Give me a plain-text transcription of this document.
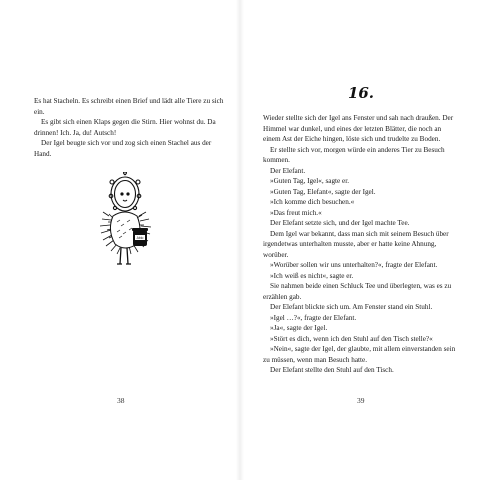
Es hat Stacheln. Es schreibt einen Brief und lädt alle Tiere zu sich ein.

Es gibt sich einen Klaps gegen die Stirn. Hier wohnst du. Da drinnen! Ich. Ja, du! Autsch!

Der Igel beugte sich vor und zog sich einen Stachel aus der Hand.

Ablo
38
16.

Wieder stellte sich der Igel ans Fenster und sah nach draußen. Der Himmel war dunkel, und eines der letzten Blätter, die noch an einem Ast der Eiche hingen, löste sich und trudelte zu Boden.

Er stellte sich vor, morgen würde ein anderes Tier zu Besuch kommen.

Der Elefant.

»Guten Tag, Igel«, sagte er.

»Guten Tag, Elefant«, sagte der Igel.

»Ich komme dich besuchen.«

»Das freut mich.«

Der Elefant setzte sich, und der Igel machte Tee.

Dem Igel war bekannt, dass man sich mit seinem Besuch über irgendetwas unterhalten musste, aber er hatte keine Ahnung, worüber.

»Worüber sollen wir uns unterhalten?«, fragte der Elefant.

»Ich weiß es nicht«, sagte er.

Sie nahmen beide einen Schluck Tee und überlegten, was es zu erzählen gab.

Der Elefant blickte sich um. Am Fenster stand ein Stuhl.

»Igel …?«, fragte der Elefant.

»Ja«, sagte der Igel.

»Stört es dich, wenn ich den Stuhl auf den Tisch stelle?«

»Nein«, sagte der Igel, der glaubte, mit allem einverstanden sein zu müssen, wenn man Besuch hatte.

Der Elefant stellte den Stuhl auf den Tisch.

39
